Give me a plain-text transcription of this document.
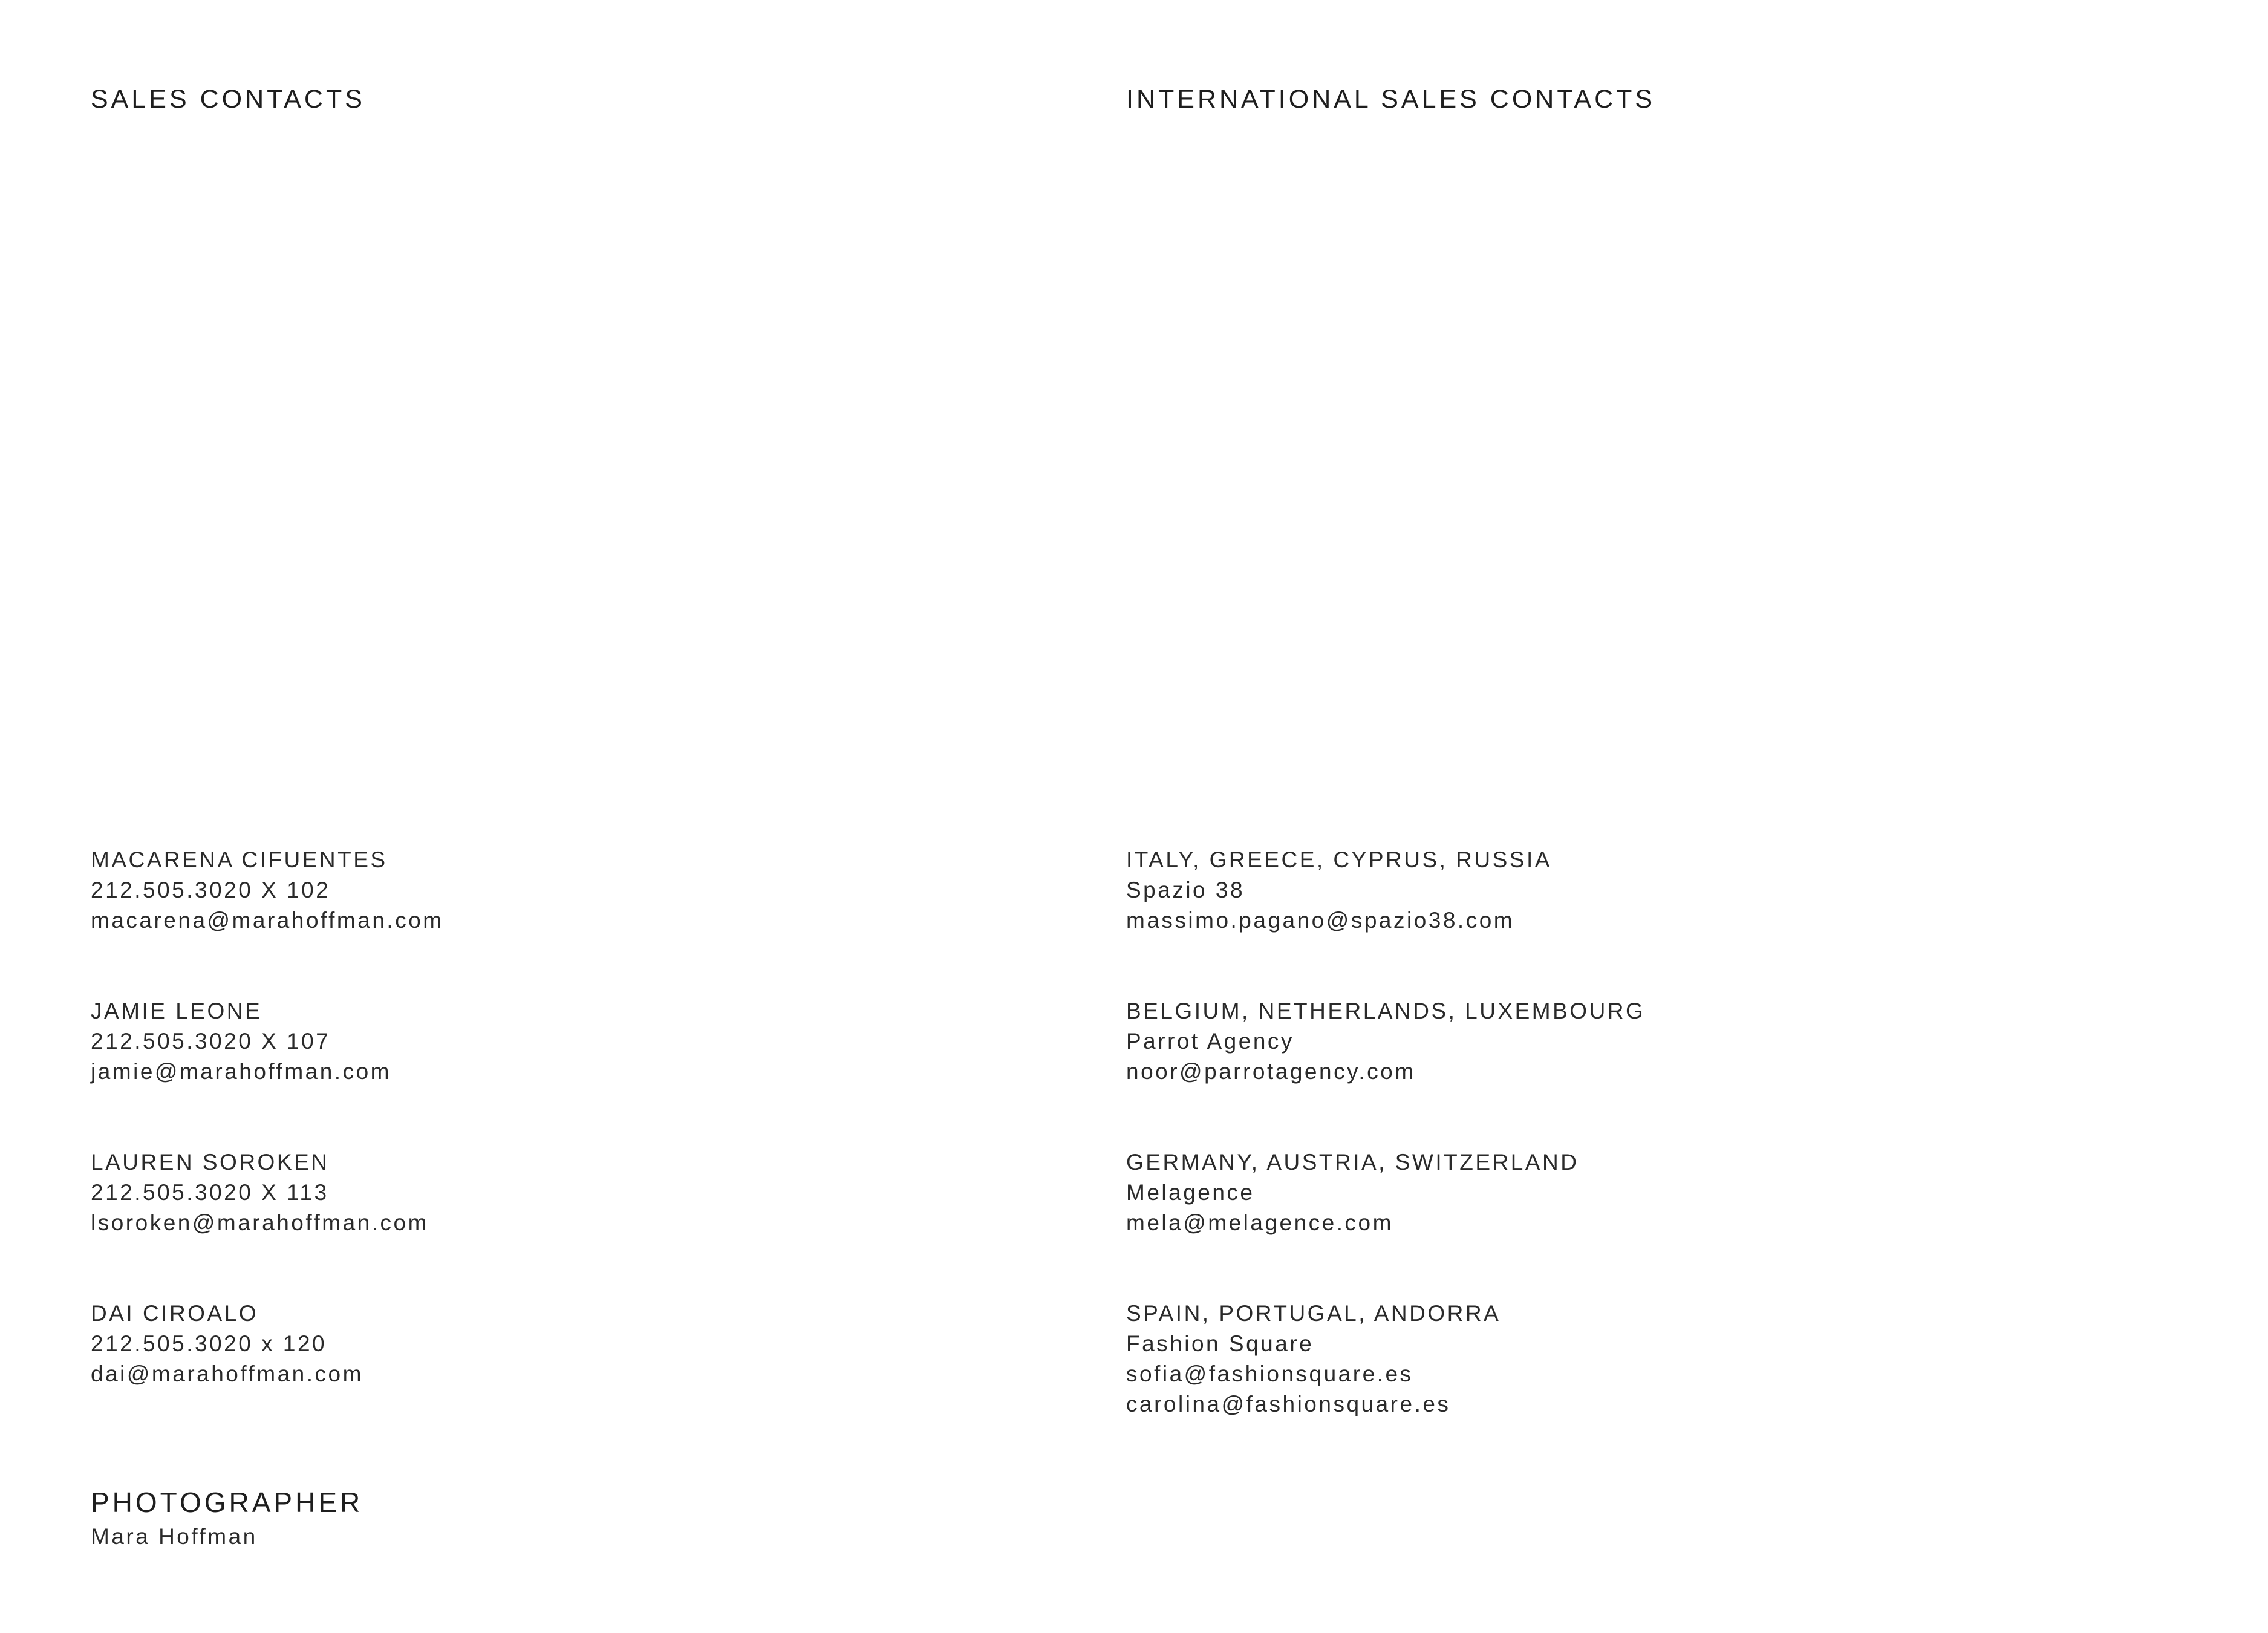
SALES CONTACTS	INTERNATIONAL SALES CONTACTS
MACARENA CIFUENTES
212.505.3020 X 102
macarena@marahoffman.com
JAMIE LEONE
212.505.3020 X 107
jamie@marahoffman.com
LAUREN SOROKEN
212.505.3020 X 113
lsoroken@marahoffman.com
DAI CIROALO
212.505.3020 x 120
dai@marahoffman.com
ITALY, GREECE, CYPRUS, RUSSIA
Spazio 38
massimo.pagano@spazio38.com
BELGIUM, NETHERLANDS, LUXEMBOURG
Parrot Agency
noor@parrotagency.com
GERMANY, AUSTRIA, SWITZERLAND
Melagence
mela@melagence.com
SPAIN, PORTUGAL, ANDORRA
Fashion Square
sofia@fashionsquare.es
carolina@fashionsquare.es
PHOTOGRAPHER
Mara Hoffman
